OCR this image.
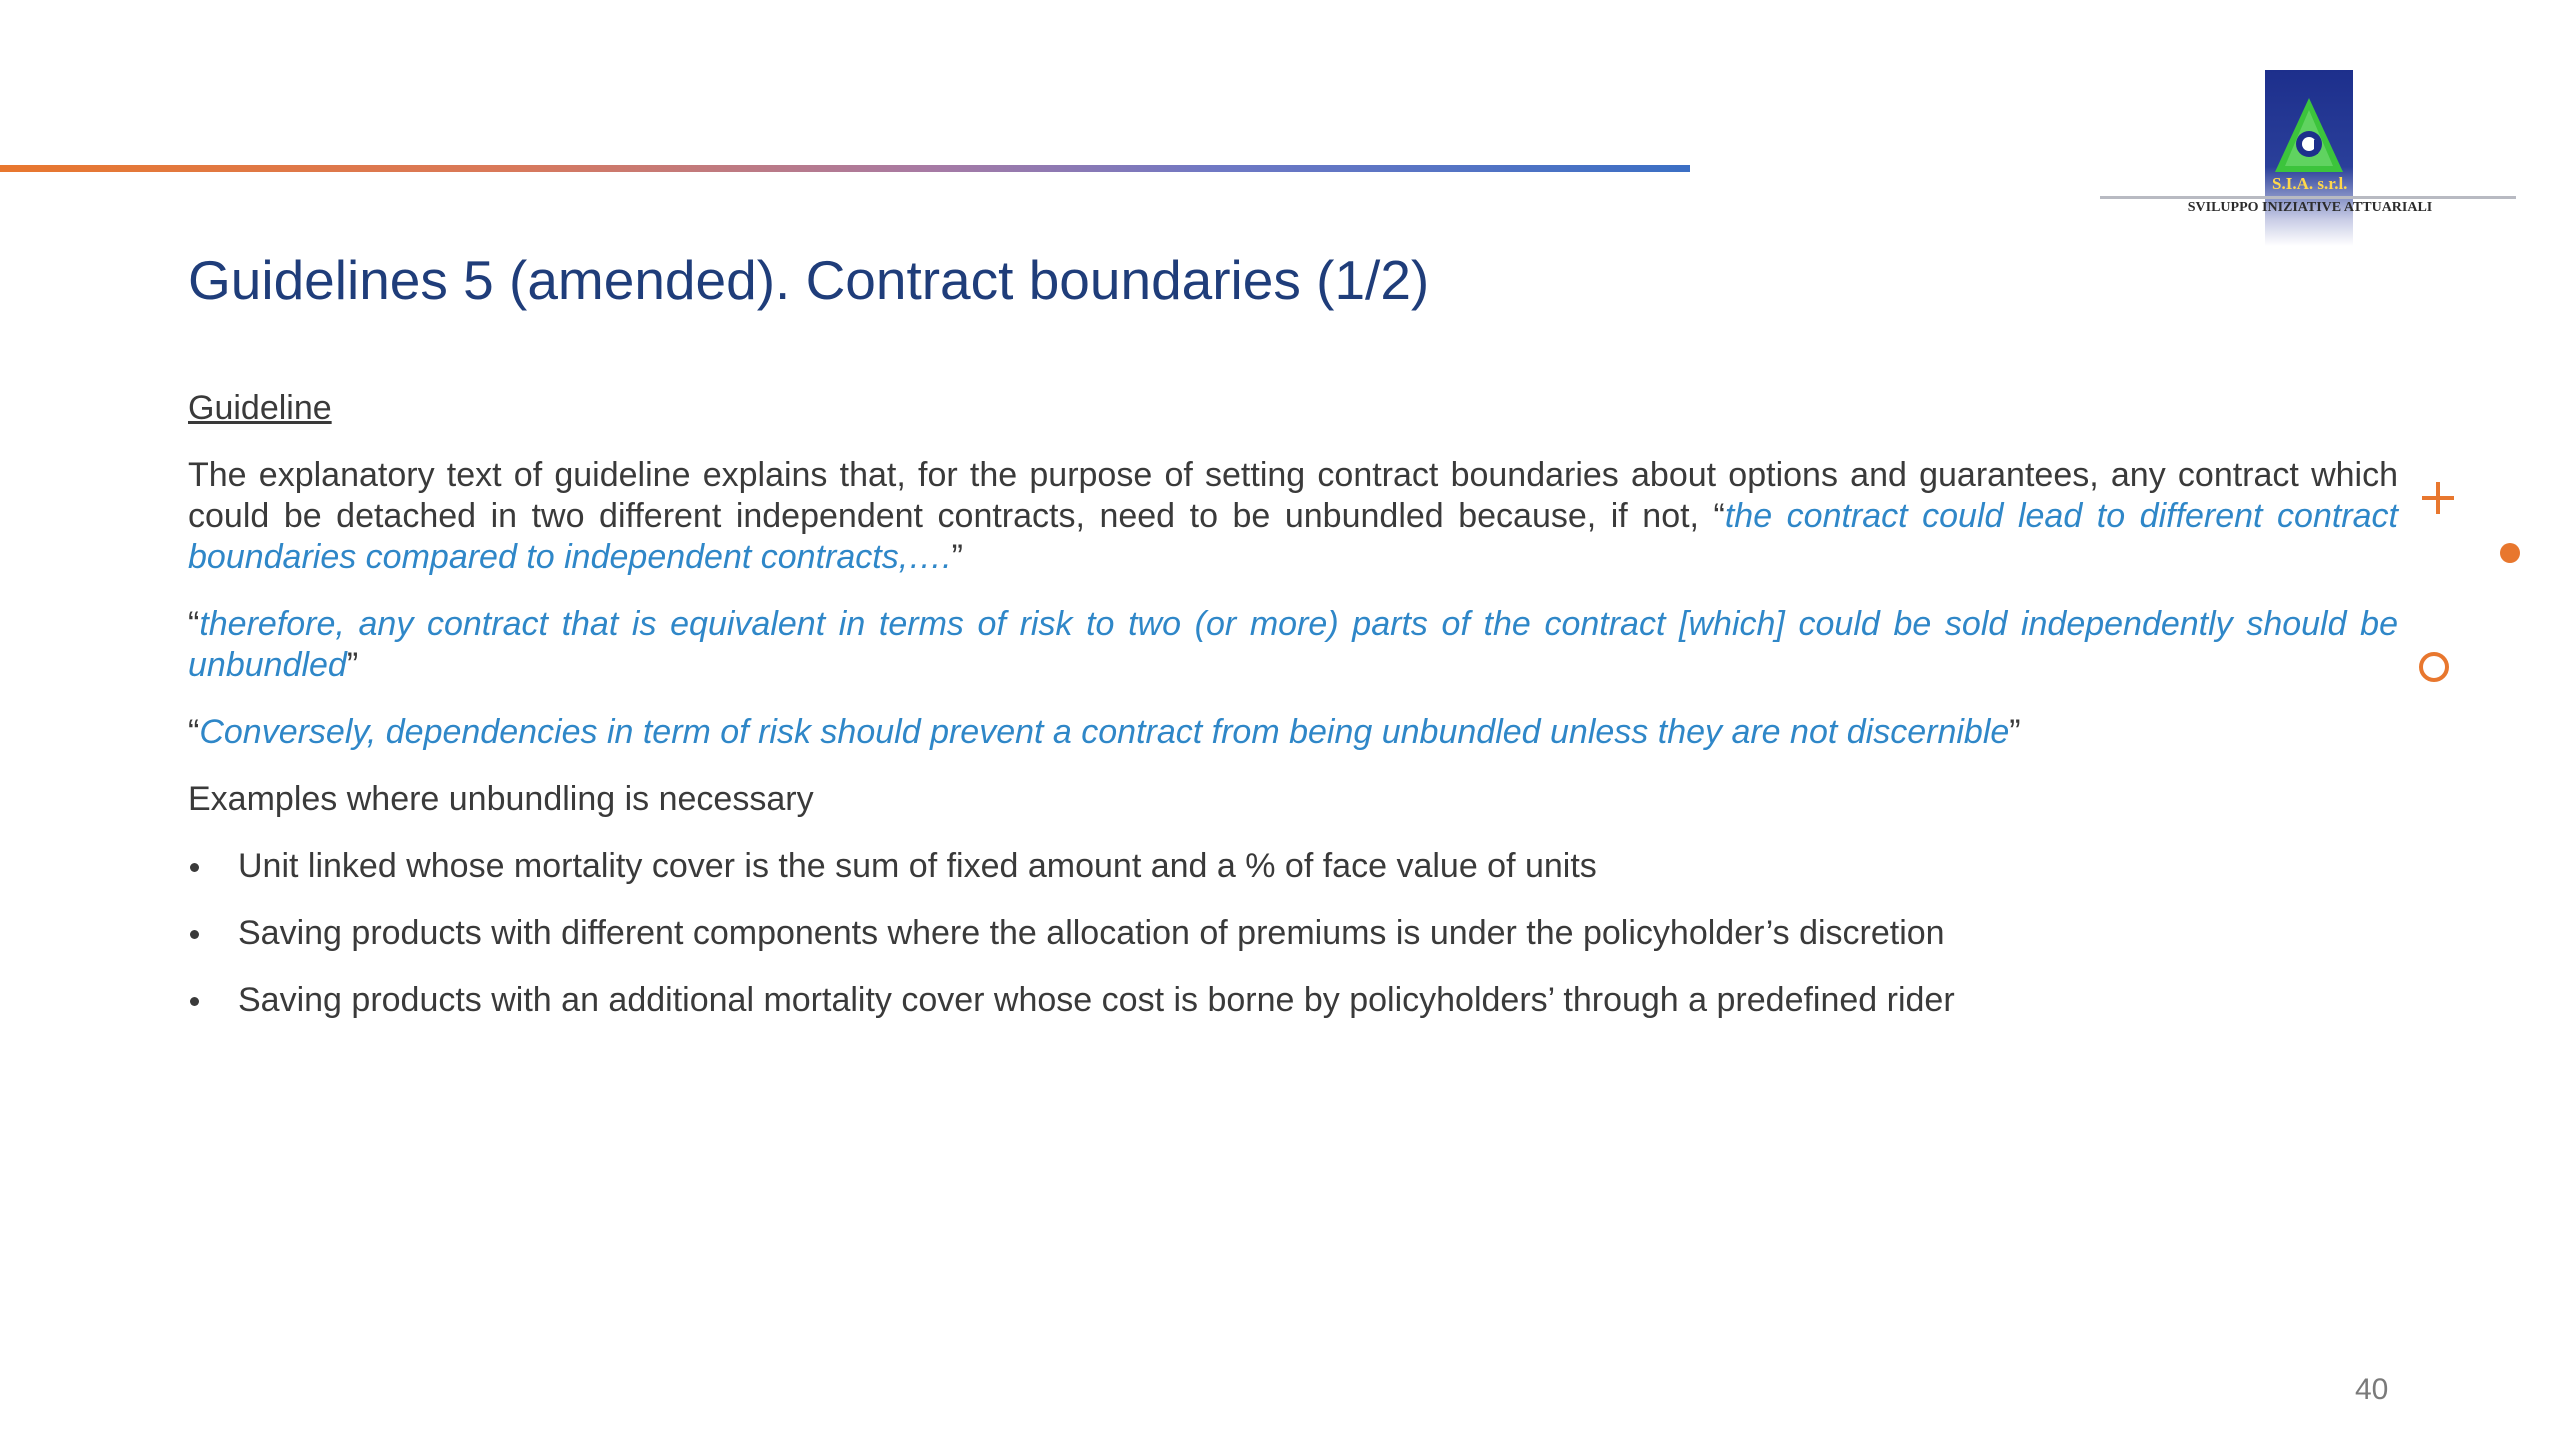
S.I.A. s.r.l.
SVILUPPO INIZIATIVE ATTUARIALI
Guidelines 5 (amended). Contract boundaries (1/2)

Guideline

The explanatory text of guideline explains that, for the purpose of setting contract boundaries about options and guarantees, any contract which could be detached in two different independent contracts, need to be unbundled because, if not, “the contract could lead to different contract boundaries compared to independent contracts,….”

“therefore, any contract that is equivalent in terms of risk to two (or more) parts of the contract [which] could be sold independently should be unbundled”

“Conversely, dependencies in term of risk should prevent a contract from being unbundled unless they are not discernible”

Examples where unbundling is necessary

Unit linked whose mortality cover is the sum of fixed amount and a % of face value of units
Saving products with different components where the allocation of premiums is under the policyholder’s discretion
Saving products with an additional mortality cover whose cost is borne by policyholders’ through a predefined rider
40
